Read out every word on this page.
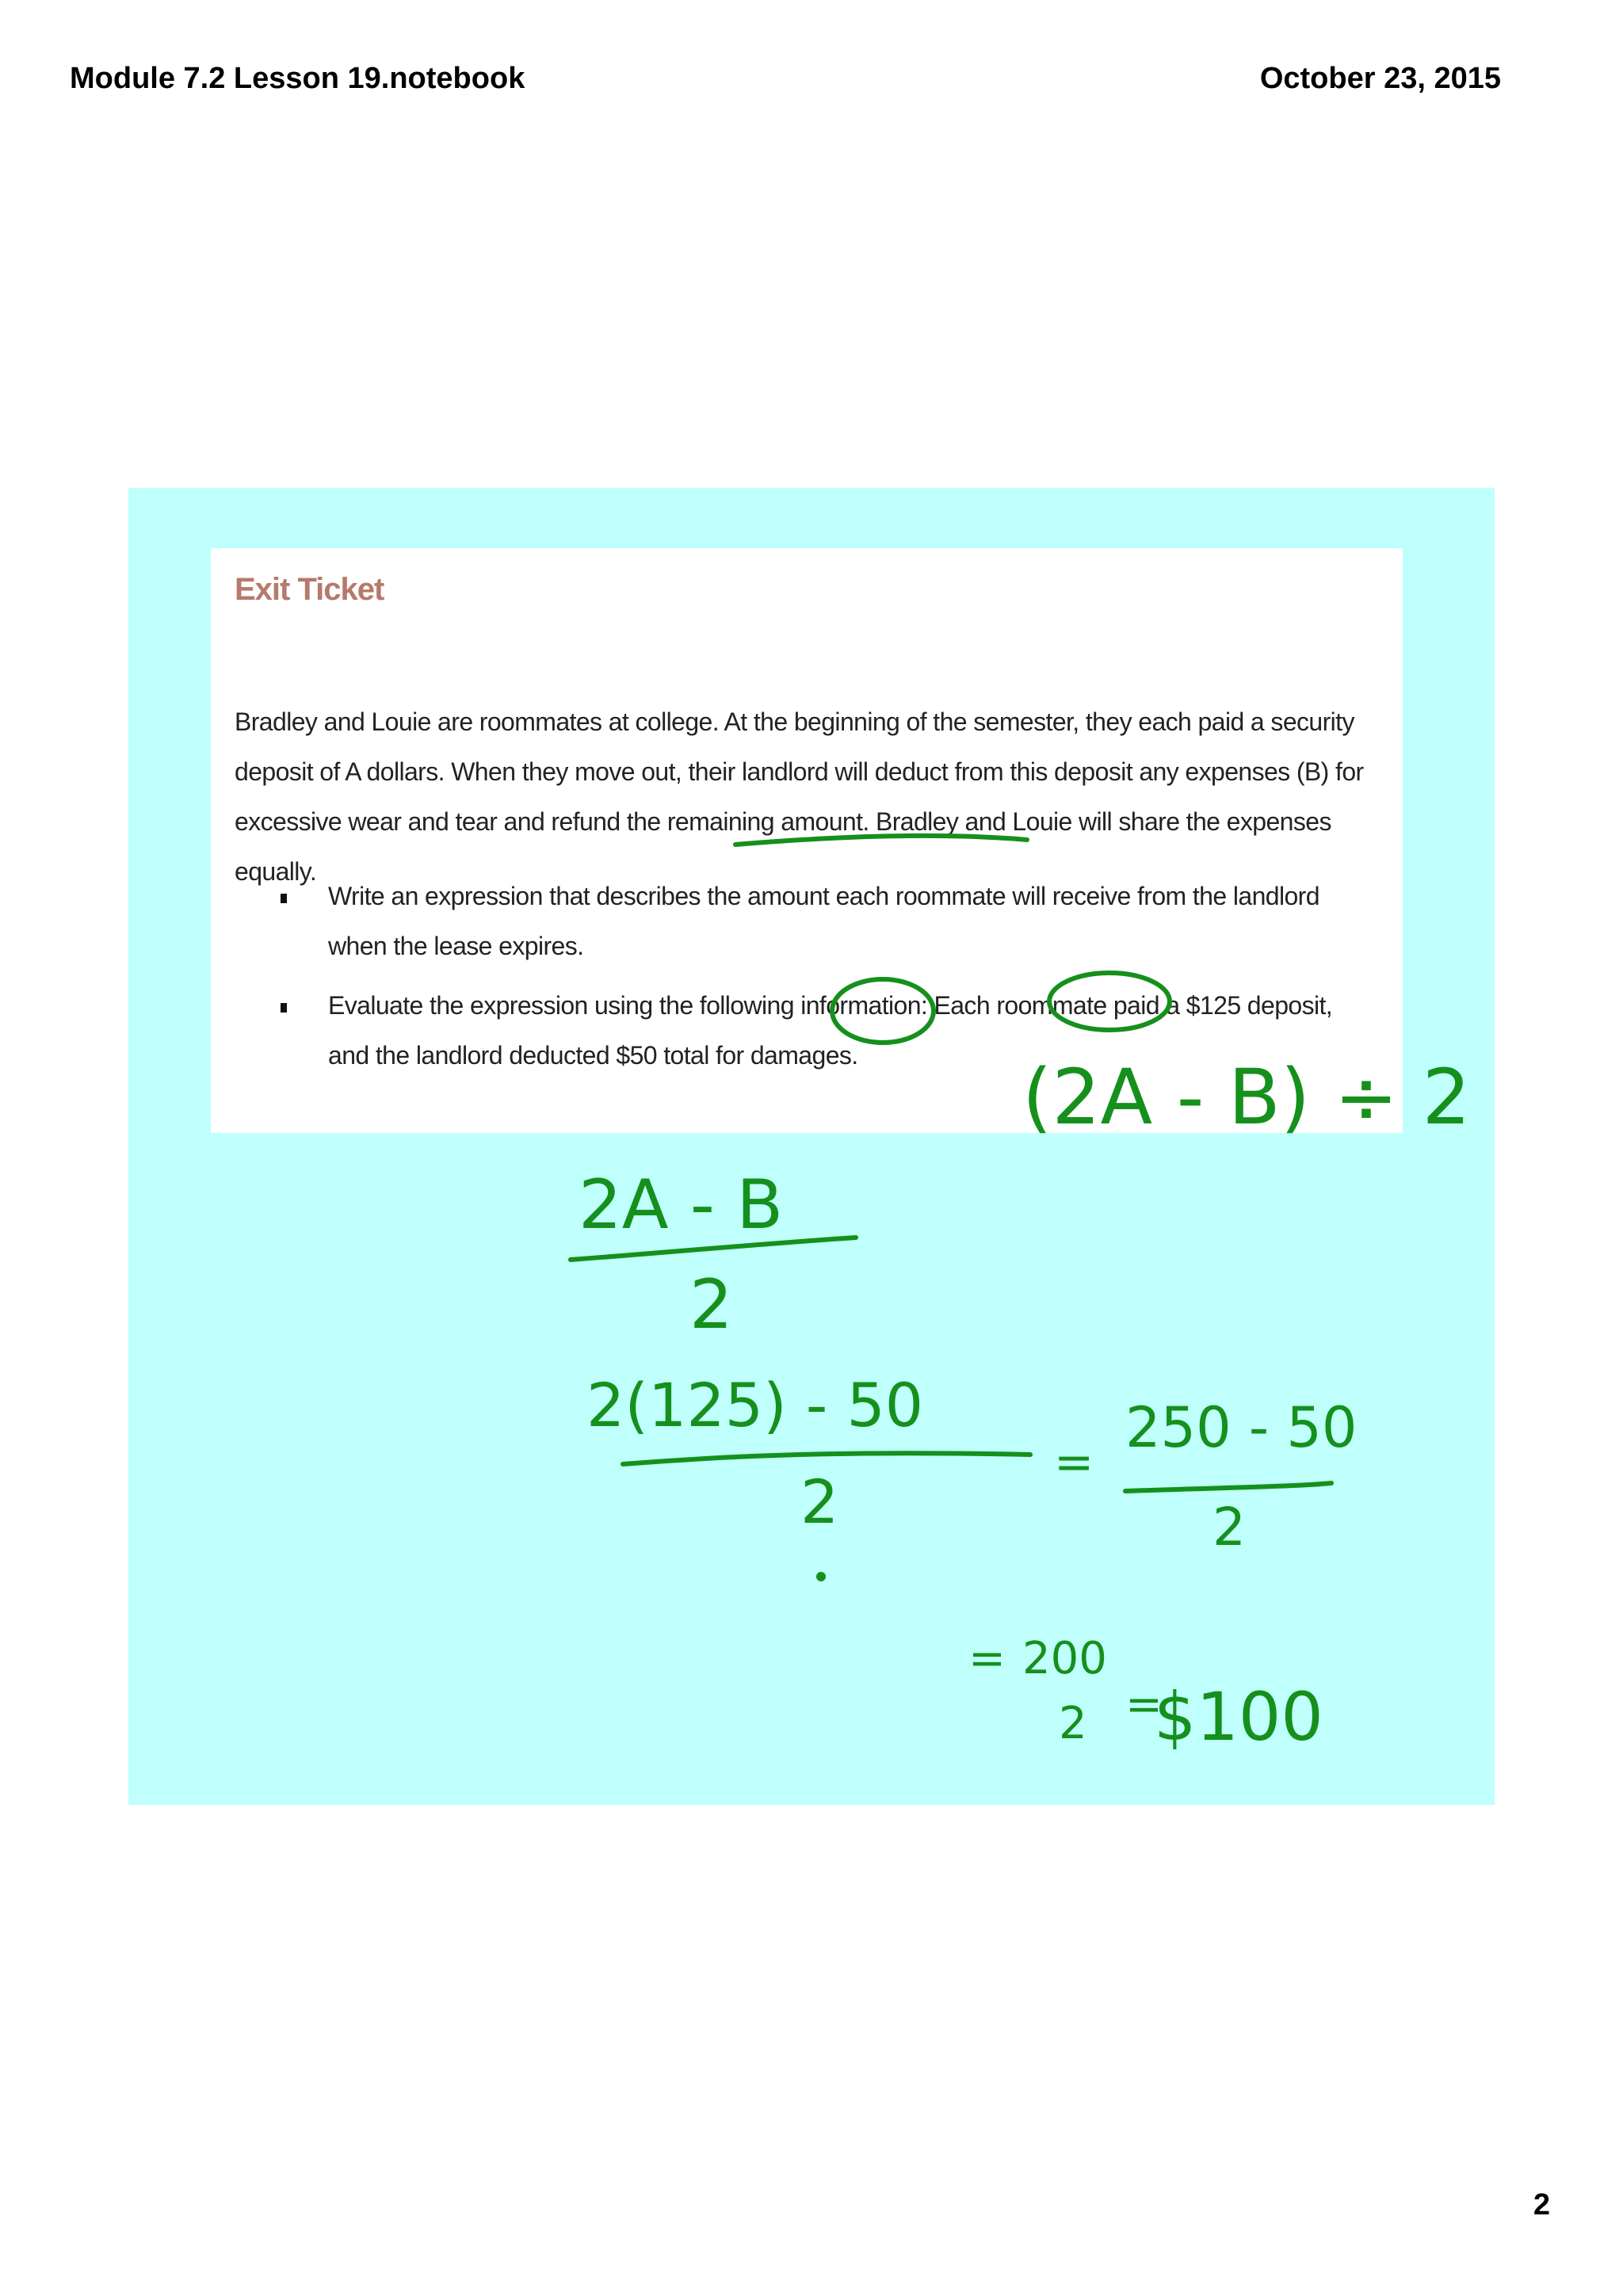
Module 7.2 Lesson 19.notebook	October 23, 2015
Exit Ticket

Bradley and Louie are roommates at college. At the beginning of the semester, they each paid a security deposit of A dollars. When they move out, their landlord will deduct from this deposit any expenses (B) for excessive wear and tear and refund the remaining amount. Bradley and Louie will share the expenses equally.

Write an expression that describes the amount each roommate will receive from the landlord when the lease expires.
Evaluate the expression using the following information: Each roommate paid a $125 deposit, and the landlord deducted $50 total for damages.	(2A - B) ÷ 2
2A - B
2
2(125) - 50
2
=
250 - 50
2
= 200
2 =
$100
2
